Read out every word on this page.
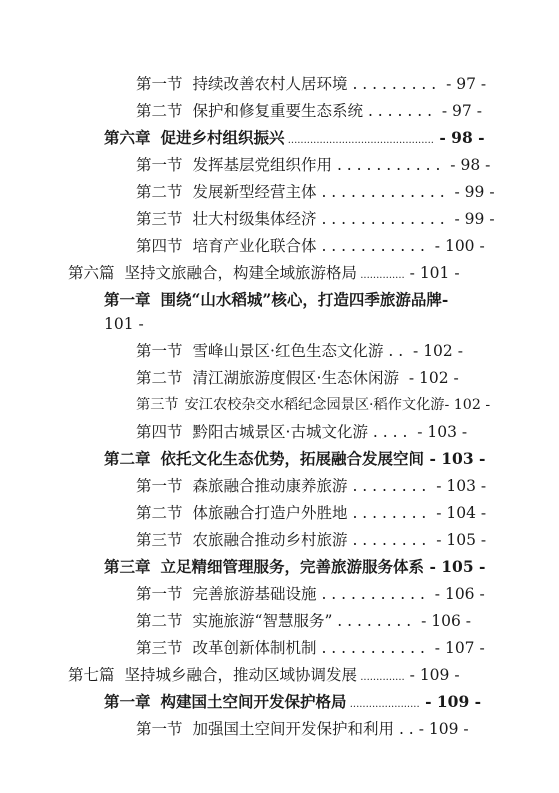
第一节 持续改善农村人居环境 . . . . . . . . . - 97 -
第二节 保护和修复重要生态系统 . . . . . . . - 97 -
第六章 促进乡村组织振兴 .............................................. - 98 -
第一节 发挥基层党组织作用 . . . . . . . . . . . - 98 -
第二节 发展新型经营主体 . . . . . . . . . . . . . - 99 -
第三节 壮大村级集体经济 . . . . . . . . . . . . . - 99 -
第四节 培育产业化联合体 . . . . . . . . . . . - 100 -
第六篇 坚持文旅融合，构建全域旅游格局 .............. - 101 -
第一章 围绕“山水稻城”核心，打造四季旅游品牌-
101 -
第一节 雪峰山景区·红色生态文化游 . . - 102 -
第二节 清江湖旅游度假区·生态休闲游 - 102 -
第三节 安江农校杂交水稻纪念园景区·稻作文化游- 102 -
第四节 黔阳古城景区·古城文化游 . . . . - 103 -
第二章 依托文化生态优势，拓展融合发展空间 - 103 -
第一节 森旅融合推动康养旅游 . . . . . . . . - 103 -
第二节 体旅融合打造户外胜地 . . . . . . . . - 104 -
第三节 农旅融合推动乡村旅游 . . . . . . . . - 105 -
第三章 立足精细管理服务，完善旅游服务体系 - 105 -
第一节 完善旅游基础设施 . . . . . . . . . . . - 106 -
第二节 实施旅游“智慧服务” . . . . . . . . - 106 -
第三节 改革创新体制机制 . . . . . . . . . . . - 107 -
第七篇 坚持城乡融合，推动区域协调发展 .............. - 109 -
第一章 构建国土空间开发保护格局 ...................... - 109 -
第一节 加强国土空间开发保护和利用 . . - 109 -
